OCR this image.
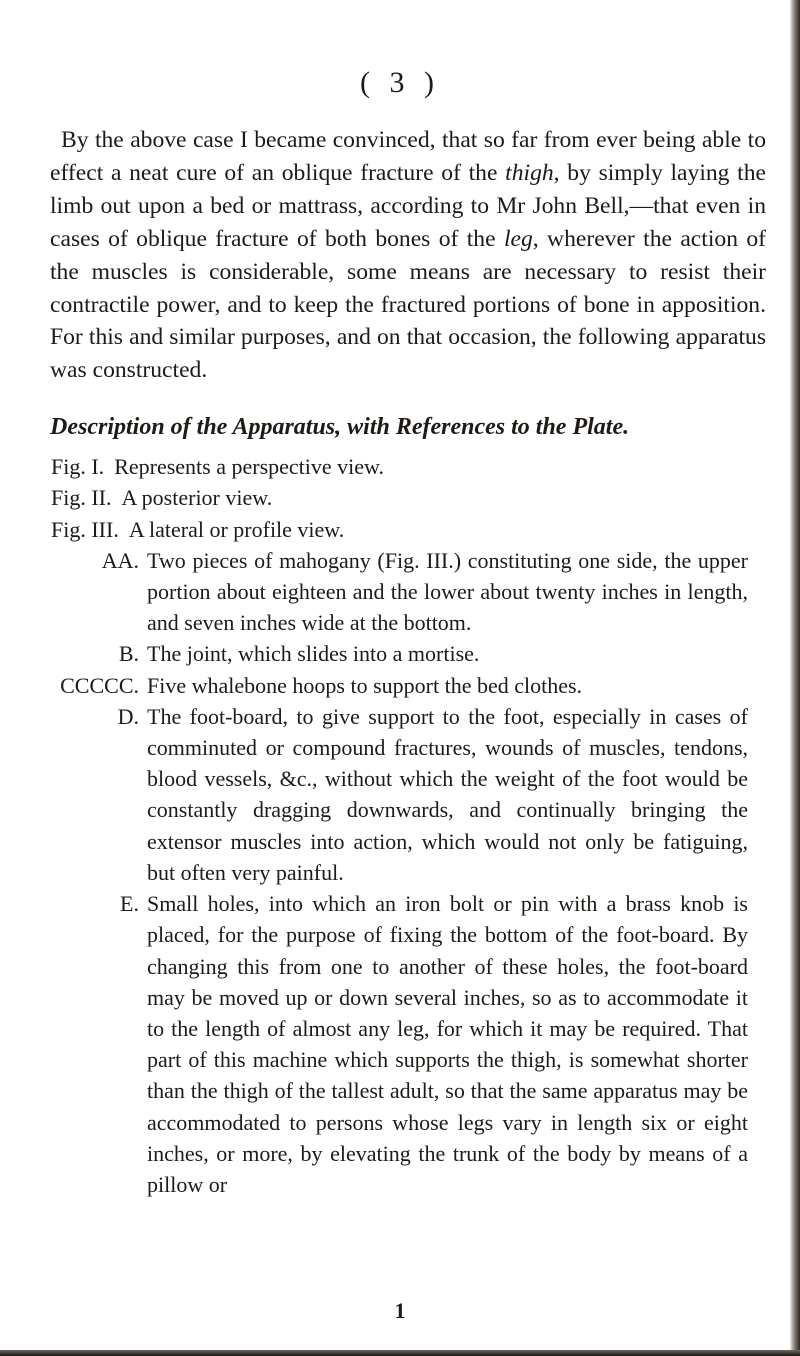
( 3 )

By the above case I became convinced, that so far from ever being able to effect a neat cure of an oblique fracture of the thigh, by simply laying the limb out upon a bed or mattrass, according to Mr John Bell,—that even in cases of oblique fracture of both bones of the leg, wherever the action of the muscles is considerable, some means are necessary to resist their contractile power, and to keep the fractured portions of bone in apposition. For this and similar purposes, and on that occasion, the following apparatus was constructed.

Description of the Apparatus, with References to the Plate.
Fig. I. Represents a perspective view.
Fig. II. A posterior view.
Fig. III. A lateral or profile view.
AA. Two pieces of mahogany (Fig. III.) constituting one side, the upper portion about eighteen and the lower about twenty inches in length, and seven inches wide at the bottom.
B. The joint, which slides into a mortise.
CCCCC. Five whalebone hoops to support the bed clothes.
D. The foot-board, to give support to the foot, especially in cases of comminuted or compound fractures, wounds of muscles, tendons, blood vessels, &c., without which the weight of the foot would be constantly dragging downwards, and continually bringing the extensor muscles into action, which would not only be fatiguing, but often very painful.
E. Small holes, into which an iron bolt or pin with a brass knob is placed, for the purpose of fixing the bottom of the foot-board. By changing this from one to another of these holes, the foot-board may be moved up or down several inches, so as to accommodate it to the length of almost any leg, for which it may be required. That part of this machine which supports the thigh, is somewhat shorter than the thigh of the tallest adult, so that the same apparatus may be accommodated to persons whose legs vary in length six or eight inches, or more, by elevating the trunk of the body by means of a pillow or
1
